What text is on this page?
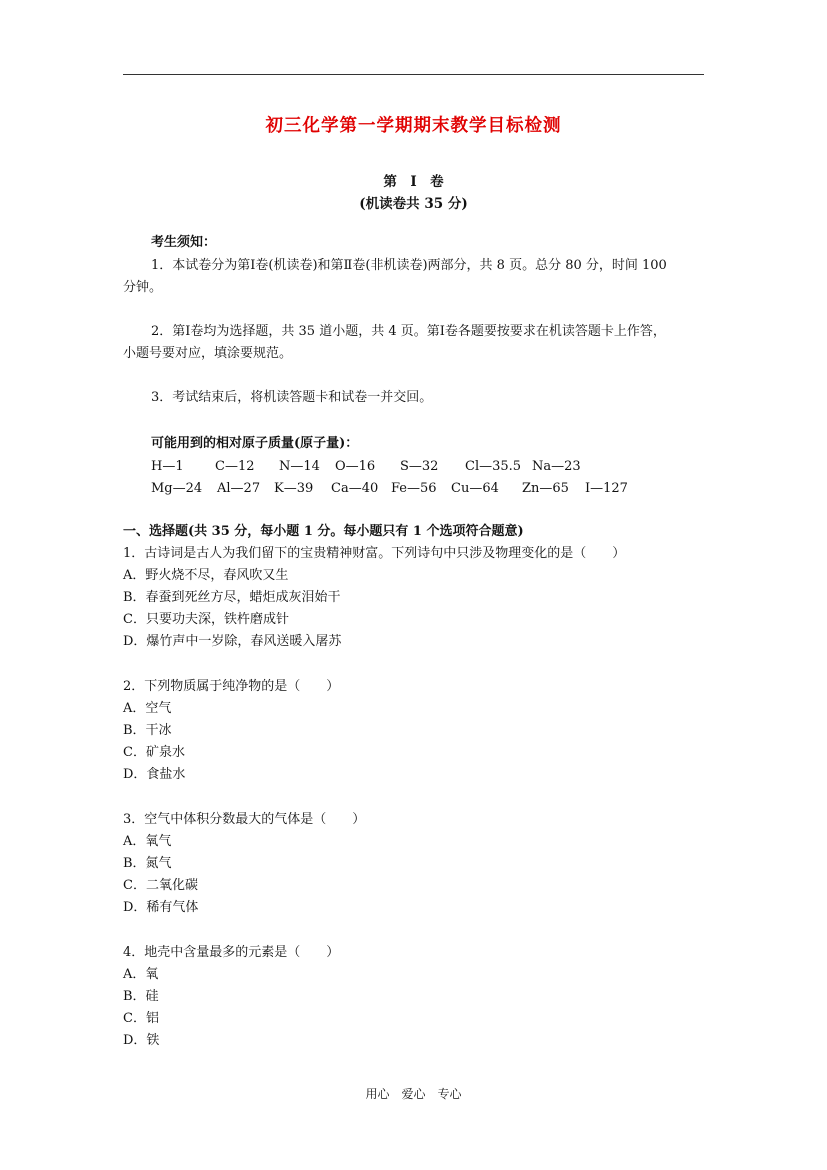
初三化学第一学期期末教学目标检测
第　Ⅰ　卷
(机读卷共 35 分)
考生须知：
1．本试卷分为第Ⅰ卷(机读卷)和第Ⅱ卷(非机读卷)两部分，共 8 页。总分 80 分，时间 100
分钟。
2．第Ⅰ卷均为选择题，共 35 道小题，共 4 页。第Ⅰ卷各题要按要求在机读答题卡上作答，
小题号要对应，填涂要规范。
3．考试结束后，将机读答题卡和试卷一并交回。
可能用到的相对原子质量(原子量)：
H—1 C—12 N—14 O—16 S—32 Cl—35.5 Na—23
Mg—24 Al—27 K—39 Ca—40 Fe—56 Cu—64 Zn—65 I—127
一、选择题(共 35 分，每小题 1 分。每小题只有 1 个选项符合题意)
1．古诗词是古人为我们留下的宝贵精神财富。下列诗句中只涉及物理变化的是（　　）
A．野火烧不尽，春风吹又生
B．春蚕到死丝方尽，蜡炬成灰泪始干
C．只要功夫深，铁杵磨成针
D．爆竹声中一岁除，春风送暖入屠苏
2．下列物质属于纯净物的是（　　）
A．空气
B．干冰
C．矿泉水
D．食盐水
3．空气中体积分数最大的气体是（　　）
A．氧气
B．氮气
C．二氧化碳
D．稀有气体
4．地壳中含量最多的元素是（　　）
A．氧
B．硅
C．铝
D．铁
用心　爱心　专心
